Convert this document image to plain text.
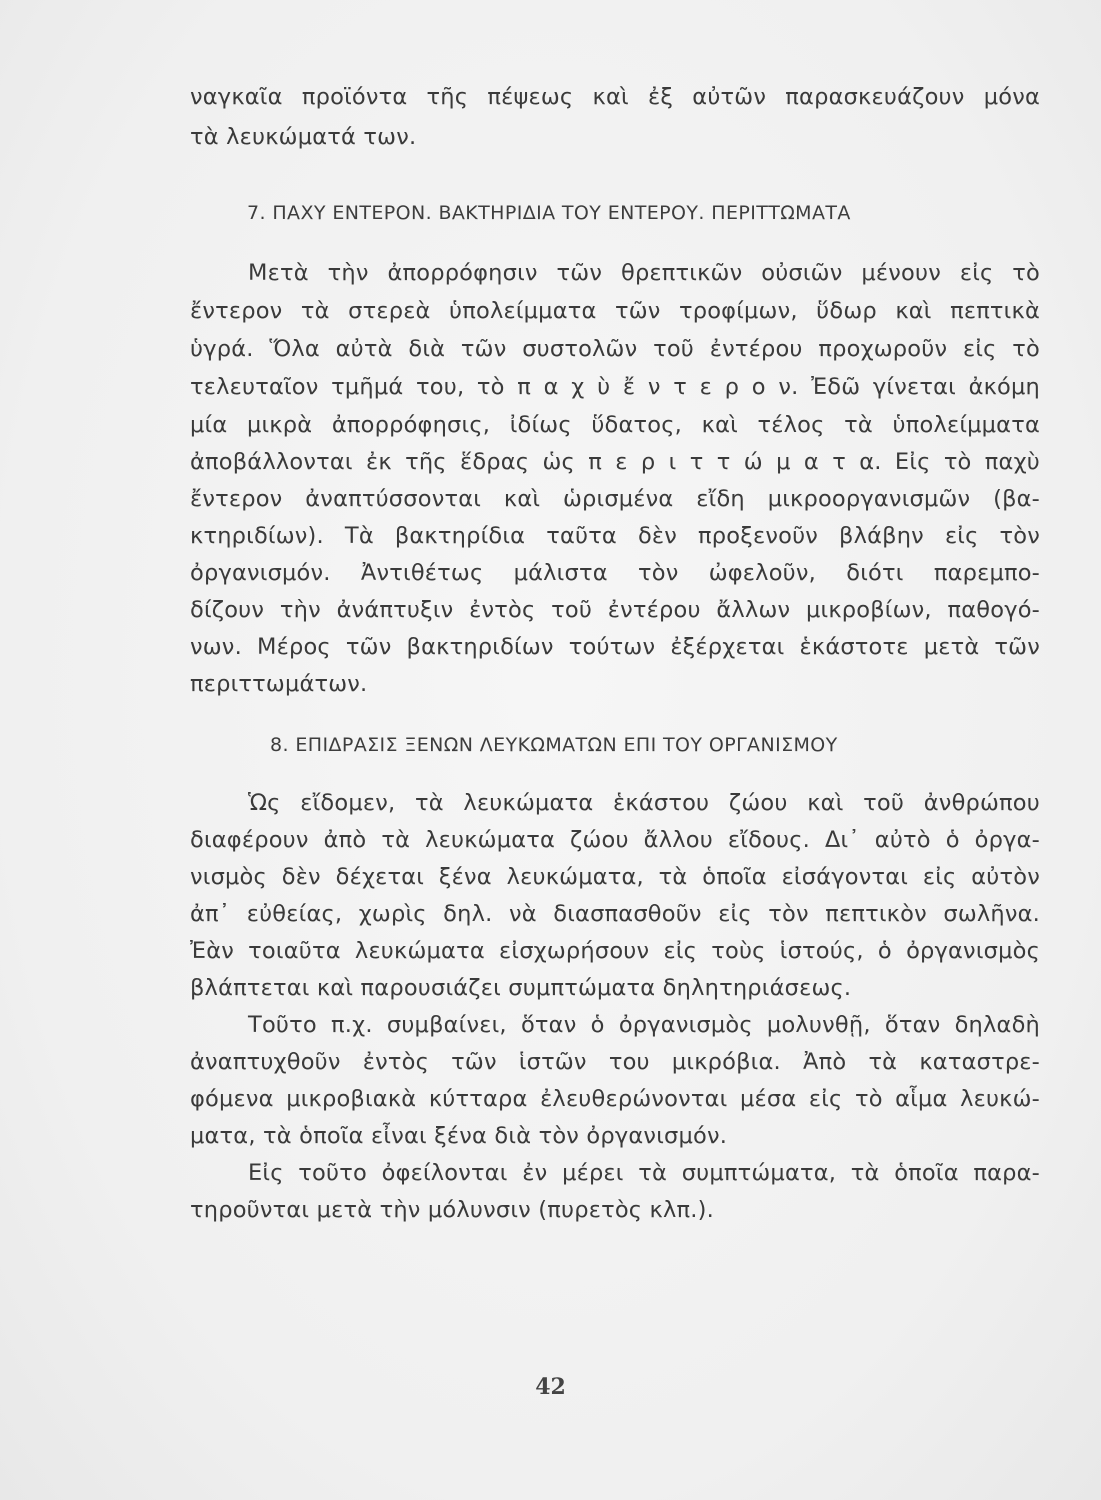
ναγκαῖα προϊόντα τῆς πέψεως καὶ ἐξ αὐτῶν παρασκευάζουν μόνα
τὰ λευκώματά των.
7. ΠΑΧΥ ΕΝΤΕΡΟΝ. ΒΑΚΤΗΡΙΔΙΑ ΤΟΥ ΕΝΤΕΡΟΥ. ΠΕΡΙΤΤΩΜΑΤΑ
Μετὰ τὴν ἀπορρόφησιν τῶν θρεπτικῶν οὐσιῶν μένουν εἰς τὸ
ἔντερον τὰ στερεὰ ὑπολείμματα τῶν τροφίμων, ὕδωρ καὶ πεπτικὰ
ὑγρά. Ὅλα αὐτὰ διὰ τῶν συστολῶν τοῦ ἐντέρου προχωροῦν εἰς τὸ
τελευταῖον τμῆμά του, τὸ π α χ ὺ ἔ ν τ ε ρ ο ν. Ἐδῶ γίνεται ἀκόμη
μία μικρὰ ἀπορρόφησις, ἰδίως ὕδατος, καὶ τέλος τὰ ὑπολείμματα
ἀποβάλλονται ἐκ τῆς ἕδρας ὡς π ε ρ ι τ τ ώ μ α τ α. Εἰς τὸ παχὺ
ἔντερον ἀναπτύσσονται καὶ ὡρισμένα εἴδη μικροοργανισμῶν (βα-
κτηριδίων). Τὰ βακτηρίδια ταῦτα δὲν προξενοῦν βλάβην εἰς τὸν
ὀργανισμόν. Ἀντιθέτως μάλιστα τὸν ὠφελοῦν, διότι παρεμπο-
δίζουν τὴν ἀνάπτυξιν ἐντὸς τοῦ ἐντέρου ἄλλων μικροβίων, παθογό-
νων. Μέρος τῶν βακτηριδίων τούτων ἐξέρχεται ἑκάστοτε μετὰ τῶν
περιττωμάτων.
8. ΕΠΙΔΡΑΣΙΣ ΞΕΝΩΝ ΛΕΥΚΩΜΑΤΩΝ ΕΠΙ ΤΟΥ ΟΡΓΑΝΙΣΜΟΥ
Ὡς εἴδομεν, τὰ λευκώματα ἑκάστου ζώου καὶ τοῦ ἀνθρώπου
διαφέρουν ἀπὸ τὰ λευκώματα ζώου ἄλλου εἴδους. Δι᾽ αὐτὸ ὁ ὀργα-
νισμὸς δὲν δέχεται ξένα λευκώματα, τὰ ὁποῖα εἰσάγονται εἰς αὐτὸν
ἀπ᾽ εὐθείας, χωρὶς δηλ. νὰ διασπασθοῦν εἰς τὸν πεπτικὸν σωλῆνα.
Ἐὰν τοιαῦτα λευκώματα εἰσχωρήσουν εἰς τοὺς ἱστούς, ὁ ὀργανισμὸς
βλάπτεται καὶ παρουσιάζει συμπτώματα δηλητηριάσεως.
Τοῦτο π.χ. συμβαίνει, ὅταν ὁ ὀργανισμὸς μολυνθῇ, ὅταν δηλαδὴ
ἀναπτυχθοῦν ἐντὸς τῶν ἱστῶν του μικρόβια. Ἀπὸ τὰ καταστρε-
φόμενα μικροβιακὰ κύτταρα ἐλευθερώνονται μέσα εἰς τὸ αἷμα λευκώ-
ματα, τὰ ὁποῖα εἶναι ξένα διὰ τὸν ὀργανισμόν.
Εἰς τοῦτο ὀφείλονται ἐν μέρει τὰ συμπτώματα, τὰ ὁποῖα παρα-
τηροῦνται μετὰ τὴν μόλυνσιν (πυρετὸς κλπ.).
42
